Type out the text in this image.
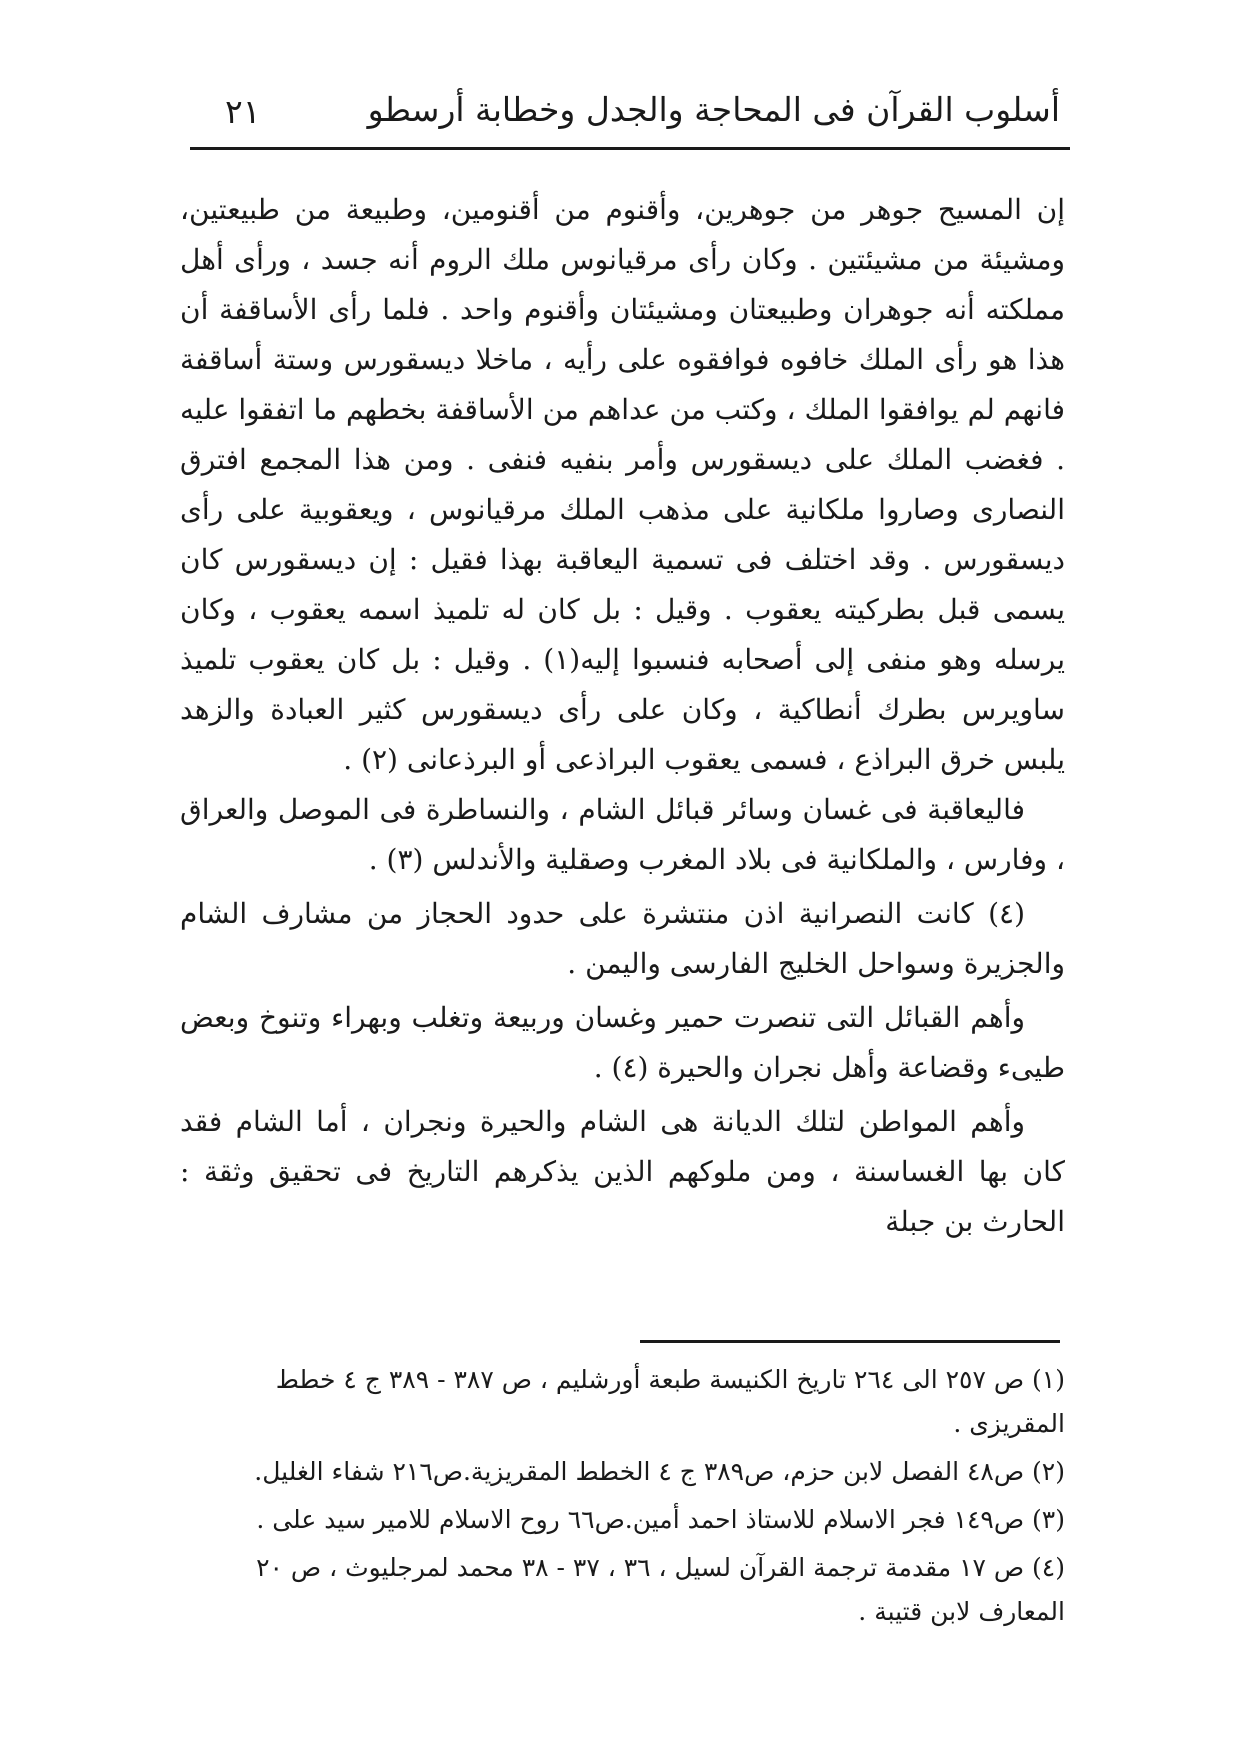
أسلوب القرآن فى المحاجة والجدل وخطابة أرسطو
٢١

إن المسيح جوهر من جوهرين، وأقنوم من أقنومين، وطبيعة من طبيعتين، ومشيئة من مشيئتين . وكان رأى مرقيانوس ملك الروم أنه جسد ، ورأى أهل مملكته أنه جوهران وطبيعتان ومشيئتان وأقنوم واحد . فلما رأى الأساقفة أن هذا هو رأى الملك خافوه فوافقوه على رأيه ، ماخلا ديسقورس وستة أساقفة فانهم لم يوافقوا الملك ، وكتب من عداهم من الأساقفة بخطهم ما اتفقوا عليه . فغضب الملك على ديسقورس وأمر بنفيه فنفى . ومن هذا المجمع افترق النصارى وصاروا ملكانية على مذهب الملك مرقيانوس ، ويعقوبية على رأى ديسقورس . وقد اختلف فى تسمية اليعاقبة بهذا فقيل : إن ديسقورس كان يسمى قبل بطركيته يعقوب . وقيل : بل كان له تلميذ اسمه يعقوب ، وكان يرسله وهو منفى إلى أصحابه فنسبوا إليه(١) . وقيل : بل كان يعقوب تلميذ ساويرس بطرك أنطاكية ، وكان على رأى ديسقورس كثير العبادة والزهد يلبس خرق البراذع ، فسمى يعقوب البراذعى أو البرذعانى (٢) .

فاليعاقبة فى غسان وسائر قبائل الشام ، والنساطرة فى الموصل والعراق ، وفارس ، والملكانية فى بلاد المغرب وصقلية والأندلس (٣) .

(٤) كانت النصرانية اذن منتشرة على حدود الحجاز من مشارف الشام والجزيرة وسواحل الخليج الفارسى واليمن .

وأهم القبائل التى تنصرت حمير وغسان وربيعة وتغلب وبهراء وتنوخ وبعض طيىء وقضاعة وأهل نجران والحيرة (٤) .

وأهم المواطن لتلك الديانة هى الشام والحيرة ونجران ، أما الشام فقد كان بها الغساسنة ، ومن ملوكهم الذين يذكرهم التاريخ فى تحقيق وثقة : الحارث بن جبلة

(١) ص ٢٥٧ الى ٢٦٤ تاريخ الكنيسة طبعة أورشليم ، ص ٣٨٧ - ٣٨٩ ج ٤ خطط المقريزى .

(٢) ص٤٨ الفصل لابن حزم، ص٣٨٩ ج ٤ الخطط المقريزية.ص٢١٦ شفاء الغليل.

(٣) ص١٤٩ فجر الاسلام للاستاذ احمد أمين.ص٦٦ روح الاسلام للامير سيد على .

(٤) ص ١٧ مقدمة ترجمة القرآن لسيل ، ٣٦ ، ٣٧ - ٣٨ محمد لمرجليوث ، ص ٢٠ المعارف لابن قتيبة .
